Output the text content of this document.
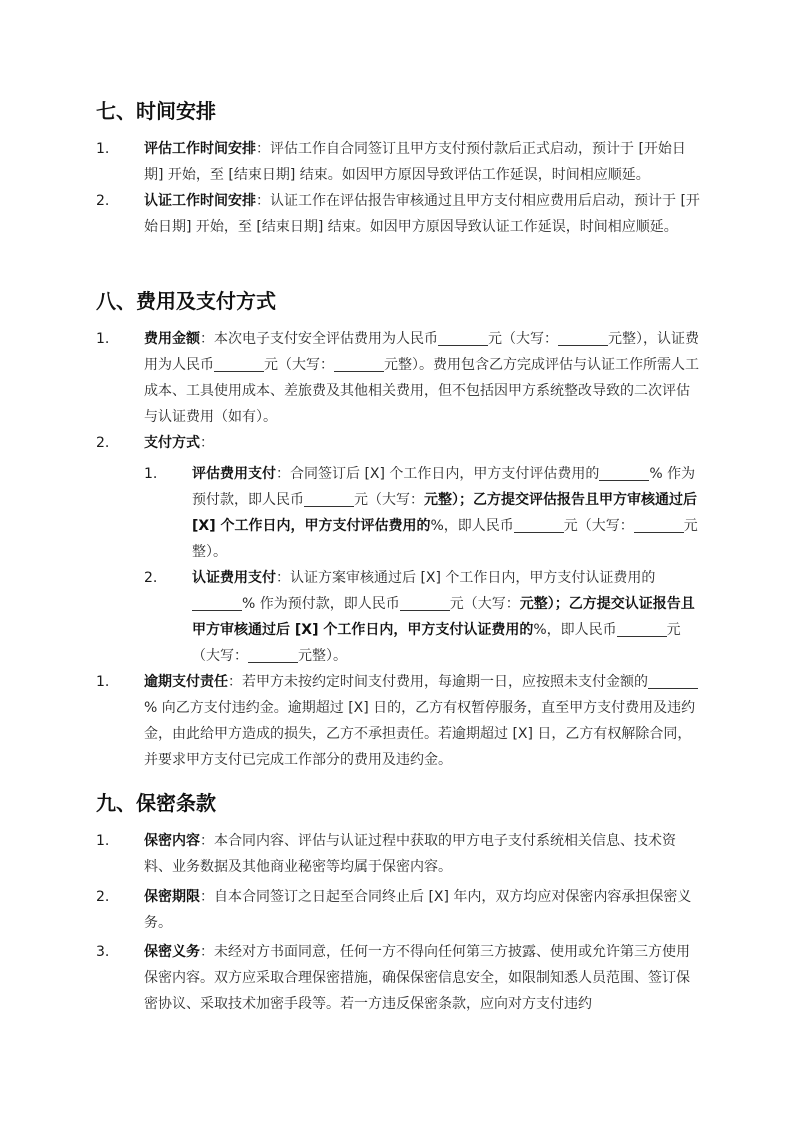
七、时间安排
1. 评估工作时间安排：评估工作自合同签订且甲方支付预付款后正式启动，预计于 [开始日期] 开始，至 [结束日期] 结束。如因甲方原因导致评估工作延误，时间相应顺延。
2. 认证工作时间安排：认证工作在评估报告审核通过且甲方支付相应费用后启动，预计于 [开始日期] 开始，至 [结束日期] 结束。如因甲方原因导致认证工作延误，时间相应顺延。
八、费用及支付方式
1. 费用金额：本次电子支付安全评估费用为人民币	元（大写：	元整），认证费用为人民币	元（大写：	元整）。费用包含乙方完成评估与认证工作所需人工成本、工具使用成本、差旅费及其他相关费用，但不包括因甲方系统整改导致的二次评估与认证费用（如有）。
2. 支付方式：
1. 评估费用支付：合同签订后 [X] 个工作日内，甲方支付评估费用的	% 作为预付款，即人民币	元（大写：元整）；乙方提交评估报告且甲方审核通过后 [X] 个工作日内，甲方支付评估费用的%，即人民币	元（大写：	元整）。
2. 认证费用支付：认证方案审核通过后 [X] 个工作日内，甲方支付认证费用的% 作为预付款，即人民币	元（大写：元整）；乙方提交认证报告且甲方审核通过后 [X] 个工作日内，甲方支付认证费用的%，即人民币	元（大写：	元整）。
1. 逾期支付责任：若甲方未按约定时间支付费用，每逾期一日，应按照未支付金额的% 向乙方支付违约金。逾期超过 [X] 日的，乙方有权暂停服务，直至甲方支付费用及违约金，由此给甲方造成的损失，乙方不承担责任。若逾期超过 [X] 日，乙方有权解除合同，并要求甲方支付已完成工作部分的费用及违约金。
九、保密条款
1. 保密内容：本合同内容、评估与认证过程中获取的甲方电子支付系统相关信息、技术资料、业务数据及其他商业秘密等均属于保密内容。
2. 保密期限：自本合同签订之日起至合同终止后 [X] 年内，双方均应对保密内容承担保密义务。
3. 保密义务：未经对方书面同意，任何一方不得向任何第三方披露、使用或允许第三方使用保密内容。双方应采取合理保密措施，确保保密信息安全，如限制知悉人员范围、签订保密协议、采取技术加密手段等。若一方违反保密条款，应向对方支付违约
